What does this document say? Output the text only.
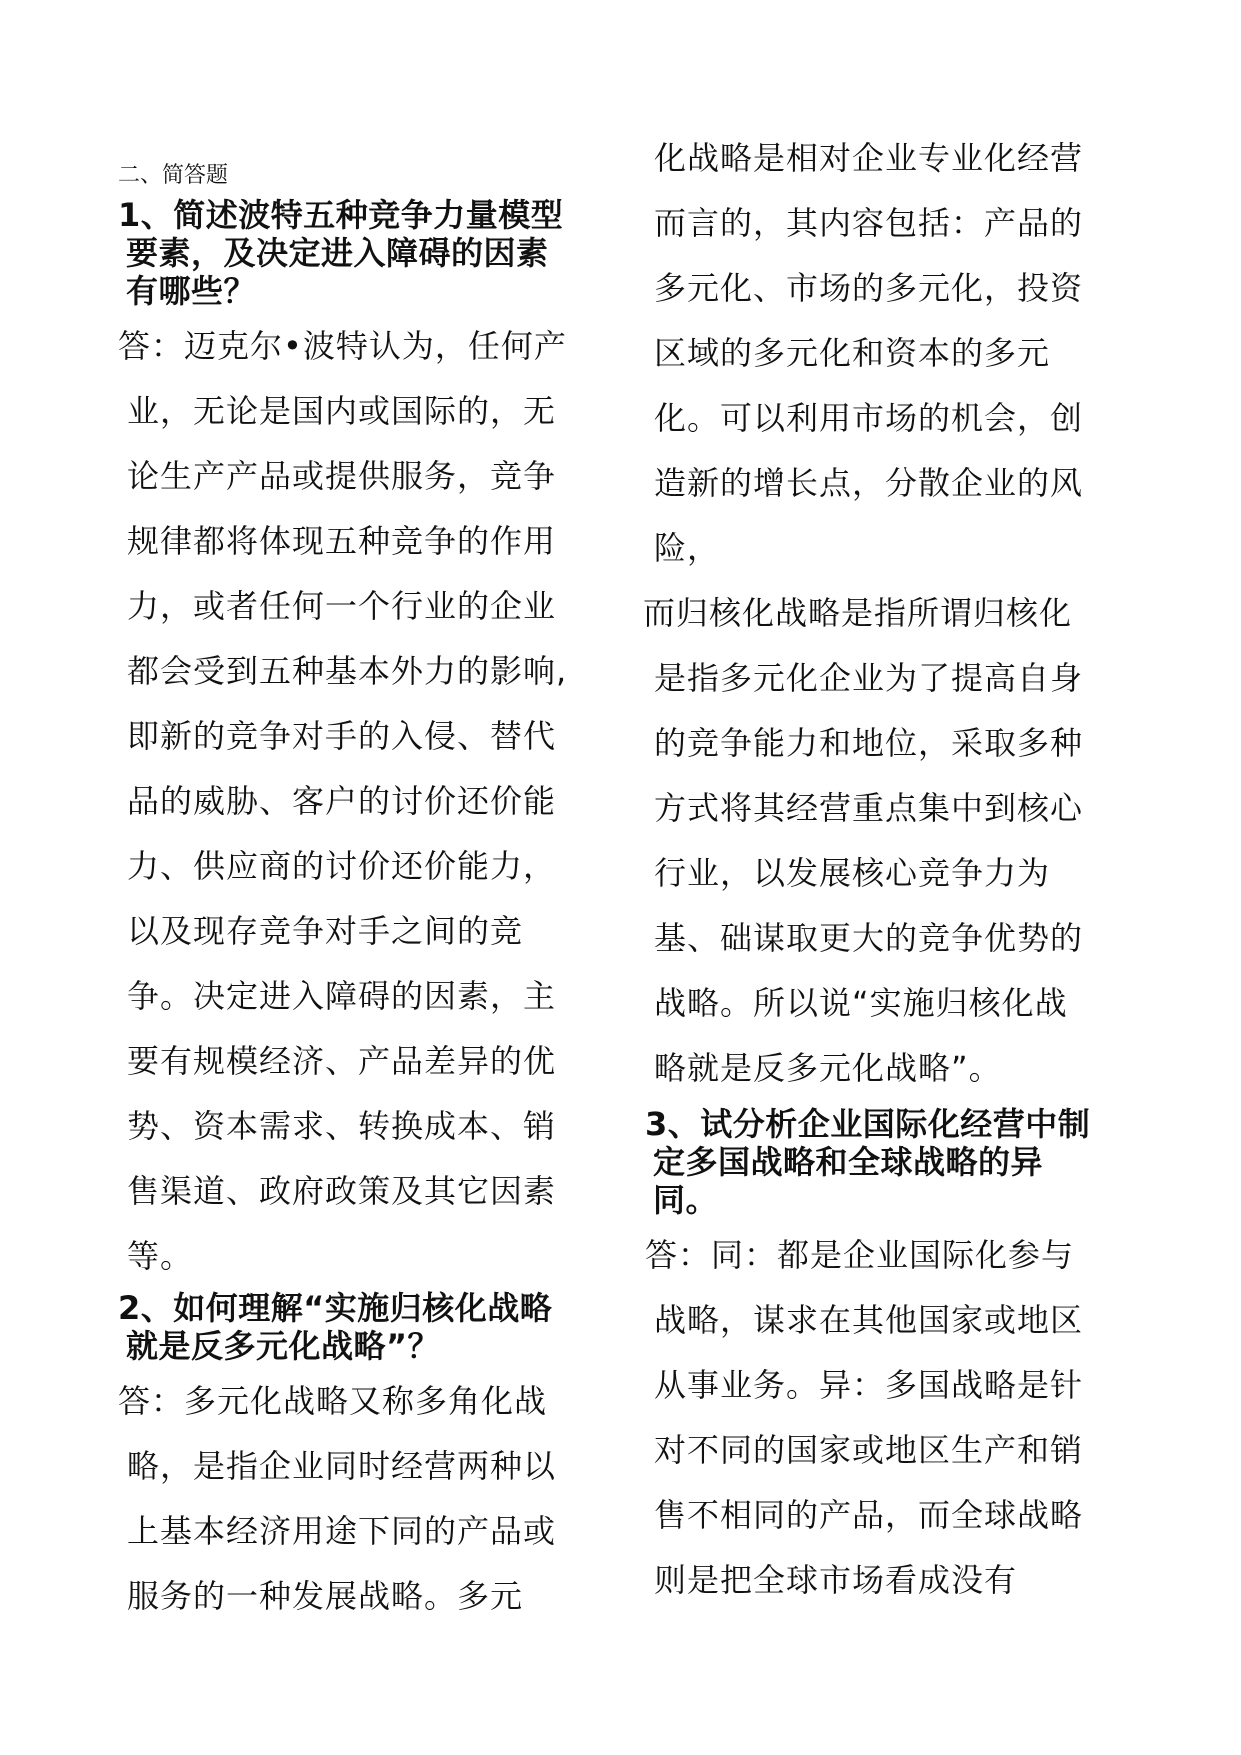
二、简答题

1、简述波特五种竞争力量模型要素，及决定进入障碍的因素有哪些？

答：迈克尔•波特认为，任何产业，无论是国内或国际的，无论生产产品或提供服务，竞争规律都将体现五种竞争的作用力，或者任何一个行业的企业都会受到五种基本外力的影响,即新的竞争对手的入侵、替代品的威胁、客户的讨价还价能力、供应商的讨价还价能力，以及现存竞争对手之间的竞争。决定进入障碍的因素，主要有规模经济、产品差异的优势、资本需求、转换成本、销售渠道、政府政策及其它因素等。

2、如何理解“实施归核化战略就是反多元化战略”？

答：多元化战略又称多角化战略，是指企业同时经营两种以上基本经济用途下同的产品或服务的一种发展战略。多元

化战略是相对企业专业化经营而言的，其内容包括：产品的多元化、市场的多元化，投资区域的多元化和资本的多元化。可以利用市场的机会，创造新的增长点，分散企业的风险，

而归核化战略是指所谓归核化是指多元化企业为了提高自身的竞争能力和地位，采取多种方式将其经营重点集中到核心行业，以发展核心竞争力为基、础谋取更大的竞争优势的战略。所以说“实施归核化战略就是反多元化战略”。

3、试分析企业国际化经营中制定多国战略和全球战略的异同。

答：同：都是企业国际化参与战略，谋求在其他国家或地区从事业务。异：多国战略是针对不同的国家或地区生产和销售不相同的产品，而全球战略则是把全球市场看成没有
